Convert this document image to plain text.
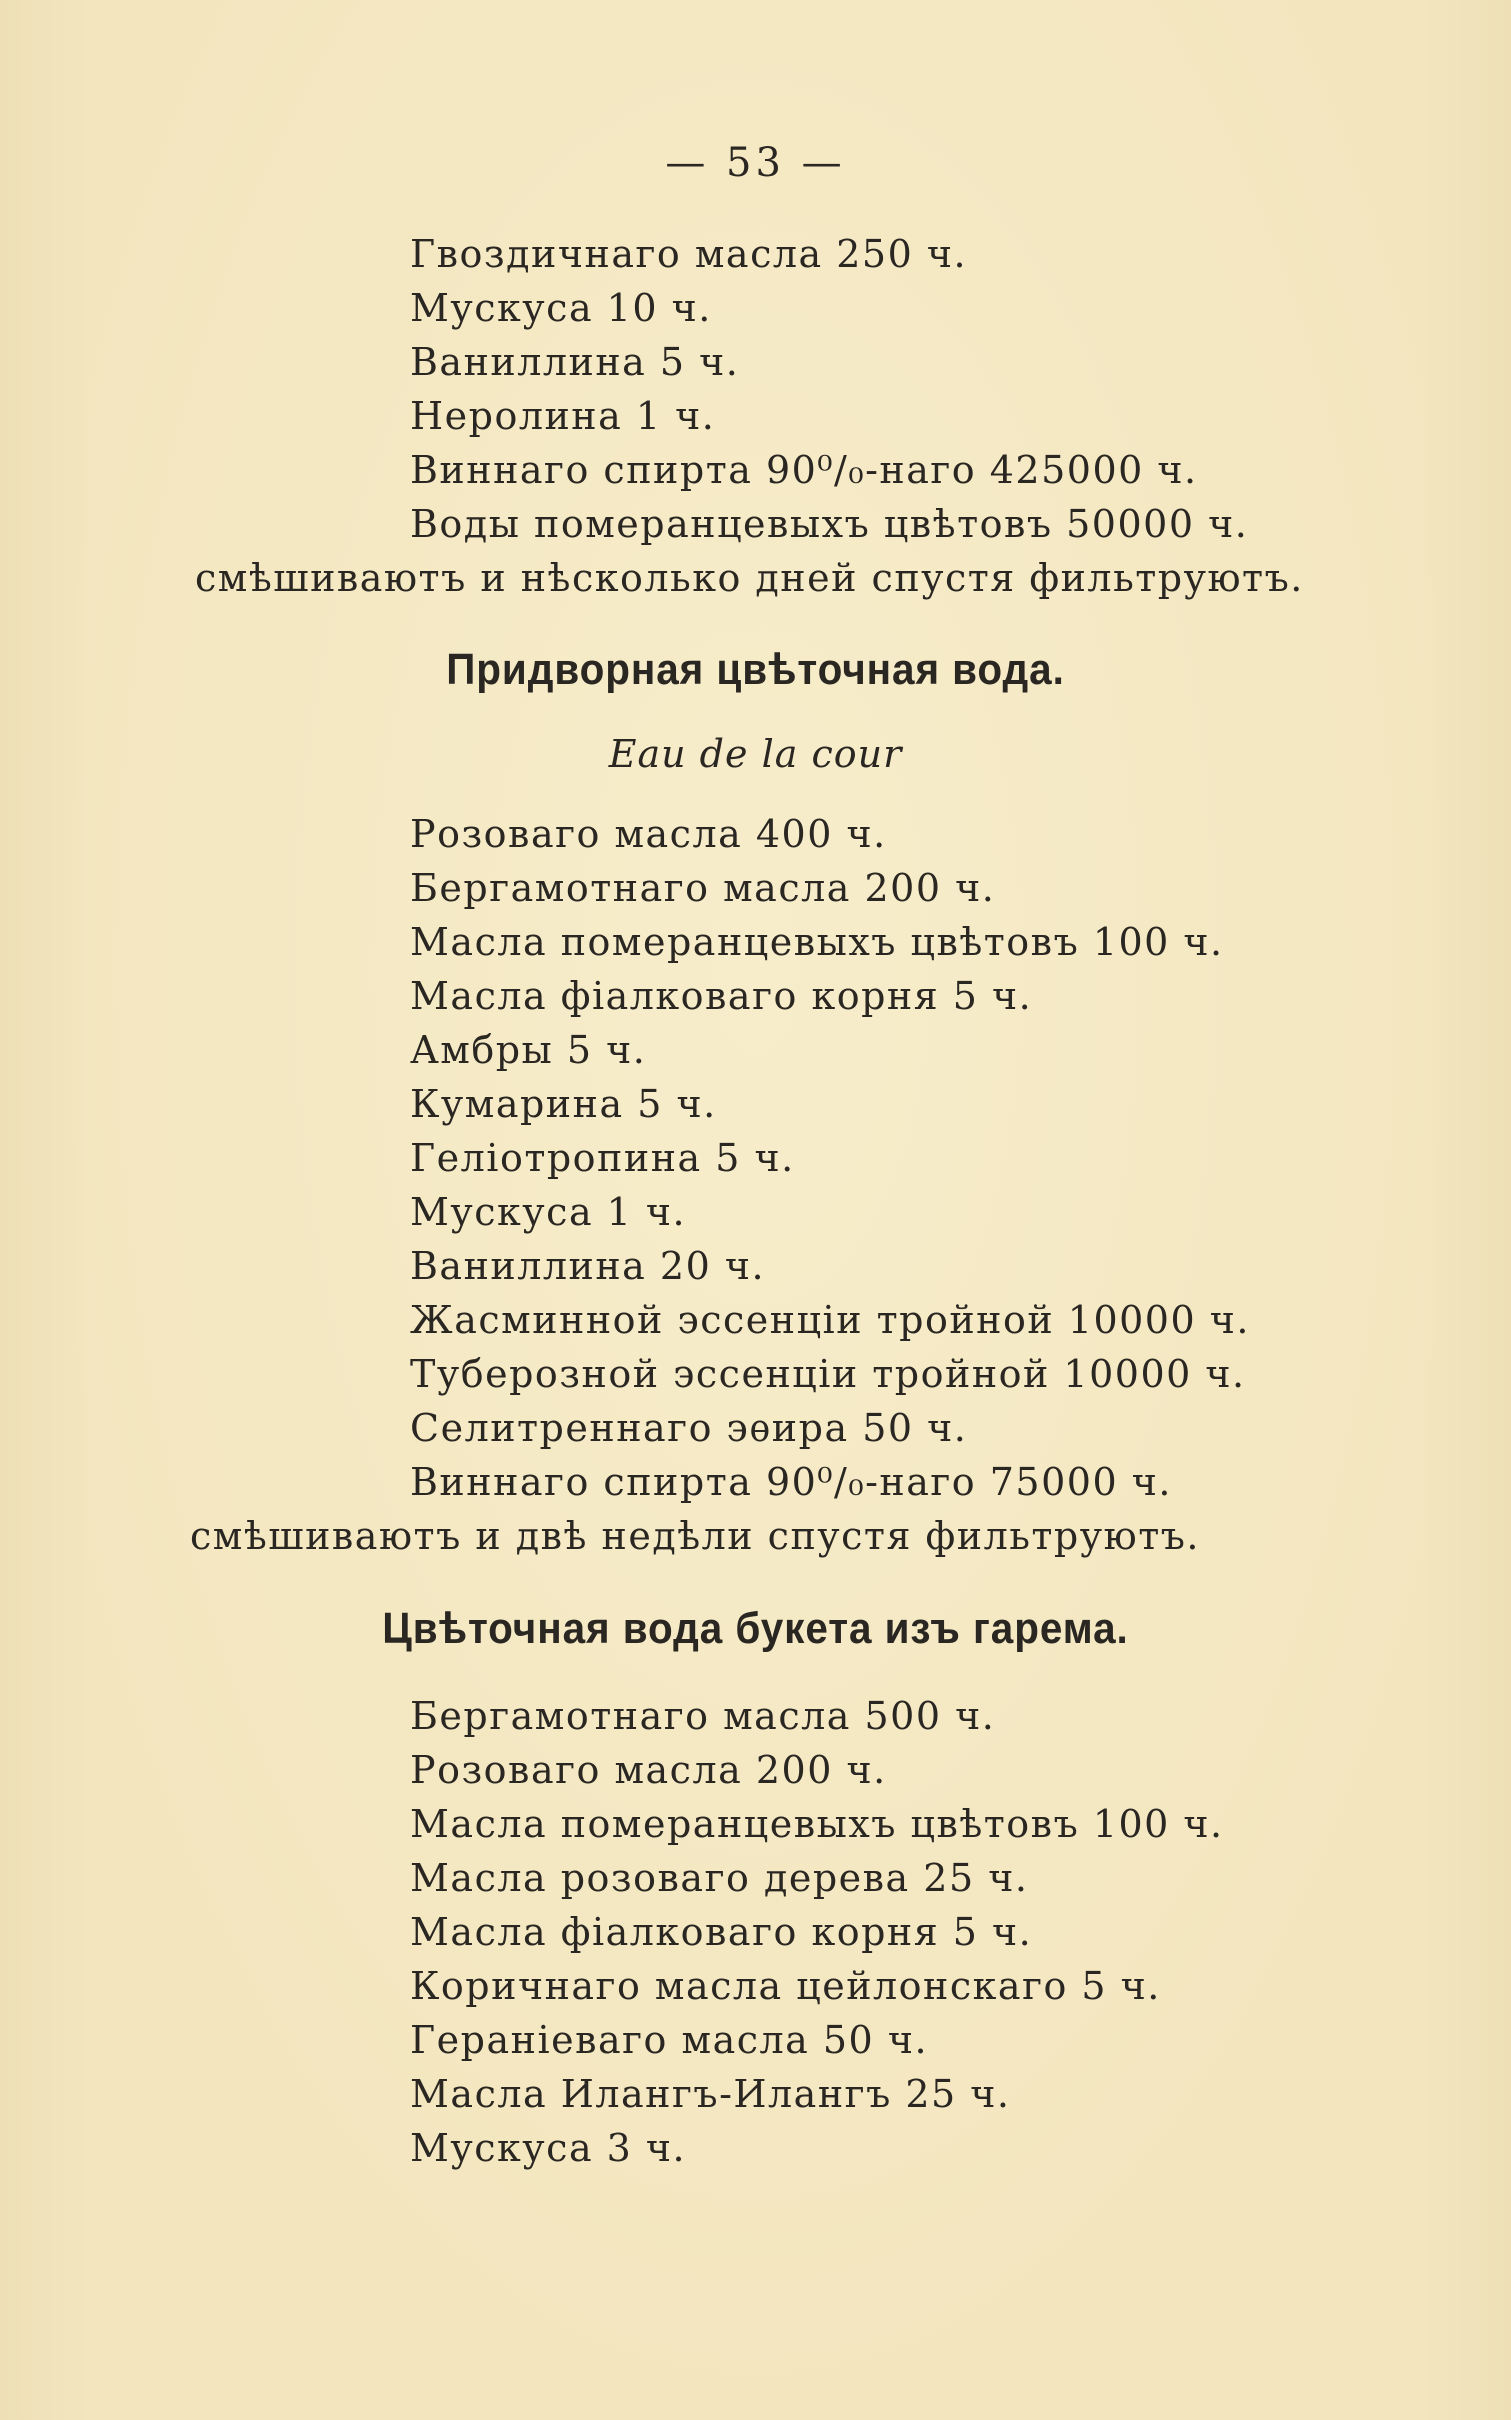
— 53 —
Гвоздичнаго масла 250 ч.
Мускуса 10 ч.
Ваниллина 5 ч.
Неролина 1 ч.
Виннаго спирта 90⁰/₀-наго 425000 ч.
Воды померанцевыхъ цвѣтовъ 50000 ч.
смѣшиваютъ и нѣсколько дней спустя фильтруютъ.
Придворная цвѣточная вода.
Eau de la cour
Розоваго масла 400 ч.
Бергамотнаго масла 200 ч.
Масла померанцевыхъ цвѣтовъ 100 ч.
Масла фіалковаго корня 5 ч.
Амбры 5 ч.
Кумарина 5 ч.
Геліотропина 5 ч.
Мускуса 1 ч.
Ваниллина 20 ч.
Жасминной эссенціи тройной 10000 ч.
Туберозной эссенціи тройной 10000 ч.
Селитреннаго эѳира 50 ч.
Виннаго спирта 90⁰/₀-наго 75000 ч.
смѣшиваютъ и двѣ недѣли спустя фильтруютъ.
Цвѣточная вода букета изъ гарема.
Бергамотнаго масла 500 ч.
Розоваго масла 200 ч.
Масла померанцевыхъ цвѣтовъ 100 ч.
Масла розоваго дерева 25 ч.
Масла фіалковаго корня 5 ч.
Коричнаго масла цейлонскаго 5 ч.
Гераніеваго масла 50 ч.
Масла Илангъ-Илангъ 25 ч.
Мускуса 3 ч.
